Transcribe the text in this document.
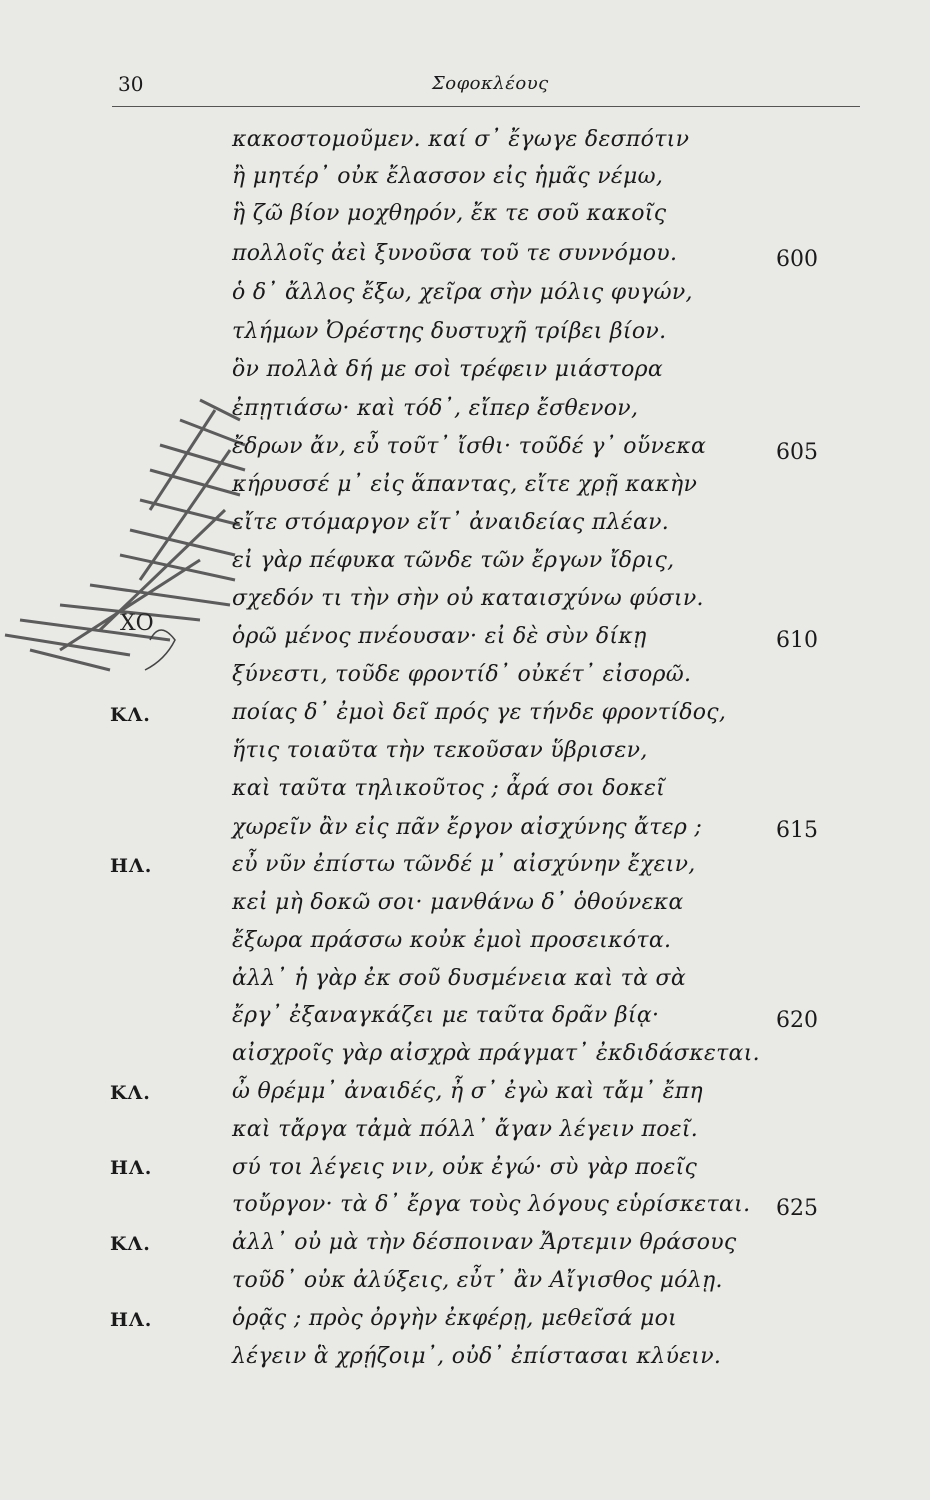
30	Σοφοκλέους
ΧΟ
κακοστομοῦμεν. καί σ᾽ ἔγωγε δεσπότιν
ἢ μητέρ᾽ οὐκ ἔλασσον εἰς ἡμᾶς νέμω,
ἣ ζῶ βίον μοχθηρόν, ἔκ τε σοῦ κακοῖς
πολλοῖς ἀεὶ ξυνοῦσα τοῦ τε συννόμου.
ὁ δ᾽ ἄλλος ἔξω, χεῖρα σὴν μόλις φυγών,
τλήμων Ὀρέστης δυστυχῆ τρίβει βίον.
ὃν πολλὰ δή με σοὶ τρέφειν μιάστορα
ἐπῃτιάσω· καὶ τόδ᾽, εἴπερ ἔσθενον,
ἔδρων ἄν, εὖ τοῦτ᾽ ἴσθι· τοῦδέ γ᾽ οὕνεκα
κήρυσσέ μ᾽ εἰς ἅπαντας, εἴτε χρῇ κακὴν
εἴτε στόμαργον εἴτ᾽ ἀναιδείας πλέαν.
εἰ γὰρ πέφυκα τῶνδε τῶν ἔργων ἴδρις,
σχεδόν τι τὴν σὴν οὐ καταισχύνω φύσιν.
ὁρῶ μένος πνέουσαν· εἰ δὲ σὺν δίκῃ
ξύνεστι, τοῦδε φροντίδ᾽ οὐκέτ᾽ εἰσορῶ.
ποίας δ᾽ ἐμοὶ δεῖ πρός γε τήνδε φροντίδος,
ἥτις τοιαῦτα τὴν τεκοῦσαν ὕβρισεν,
καὶ ταῦτα τηλικοῦτος ; ἆρά σοι δοκεῖ
χωρεῖν ἂν εἰς πᾶν ἔργον αἰσχύνης ἄτερ ;
εὖ νῦν ἐπίστω τῶνδέ μ᾽ αἰσχύνην ἔχειν,
κεἰ μὴ δοκῶ σοι· μανθάνω δ᾽ ὁθούνεκα
ἔξωρα πράσσω κοὐκ ἐμοὶ προσεικότα.
ἀλλ᾽ ἡ γὰρ ἐκ σοῦ δυσμένεια καὶ τὰ σὰ
ἔργ᾽ ἐξαναγκάζει με ταῦτα δρᾶν βίᾳ·
αἰσχροῖς γὰρ αἰσχρὰ πράγματ᾽ ἐκδιδάσκεται.
ὦ θρέμμ᾽ ἀναιδές, ἦ σ᾽ ἐγὼ καὶ τἄμ᾽ ἔπη
καὶ τἄργα τἀμὰ πόλλ᾽ ἄγαν λέγειν ποεῖ.
σύ τοι λέγεις νιν, οὐκ ἐγώ· σὺ γὰρ ποεῖς
τοὔργον· τὰ δ᾽ ἔργα τοὺς λόγους εὑρίσκεται.
ἀλλ᾽ οὐ μὰ τὴν δέσποιναν Ἄρτεμιν θράσους
τοῦδ᾽ οὐκ ἀλύξεις, εὖτ᾽ ἂν Αἴγισθος μόλῃ.
ὁρᾷς ; πρὸς ὀργὴν ἐκφέρῃ, μεθεῖσά μοι
λέγειν ἃ χρῄζοιμ᾽, οὐδ᾽ ἐπίστασαι κλύειν.
600
605
610
615
620
625
ΚΛ.
ΗΛ.
ΚΛ.
ΗΛ.
ΚΛ.
ΗΛ.
